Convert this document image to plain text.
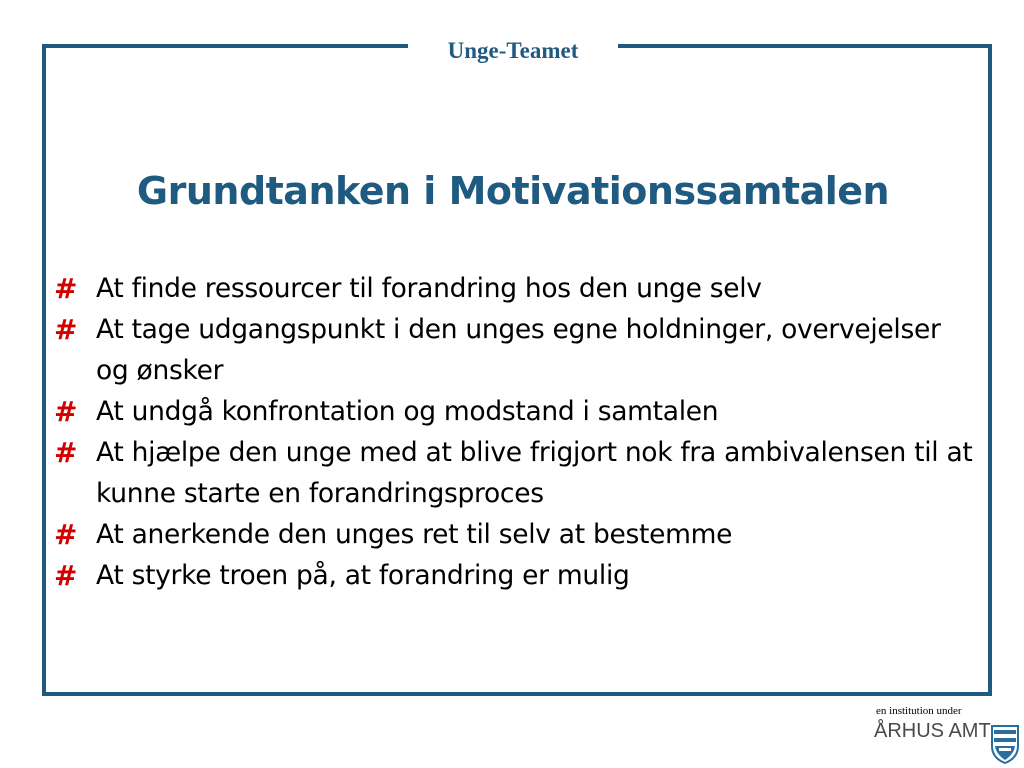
Unge-Teamet
Grundtanken i Motivationssamtalen
# At finde ressourcer til forandring hos den unge selv
# At tage udgangspunkt i den unges egne holdninger, overvejelser og ønsker
# At undgå konfrontation og modstand i samtalen
# At hjælpe den unge med at blive frigjort nok fra ambivalensen til at kunne starte en forandringsproces
# At anerkende den unges ret til selv at bestemme
# At styrke troen på, at forandring er mulig
en institution under
ÅRHUS AMT
